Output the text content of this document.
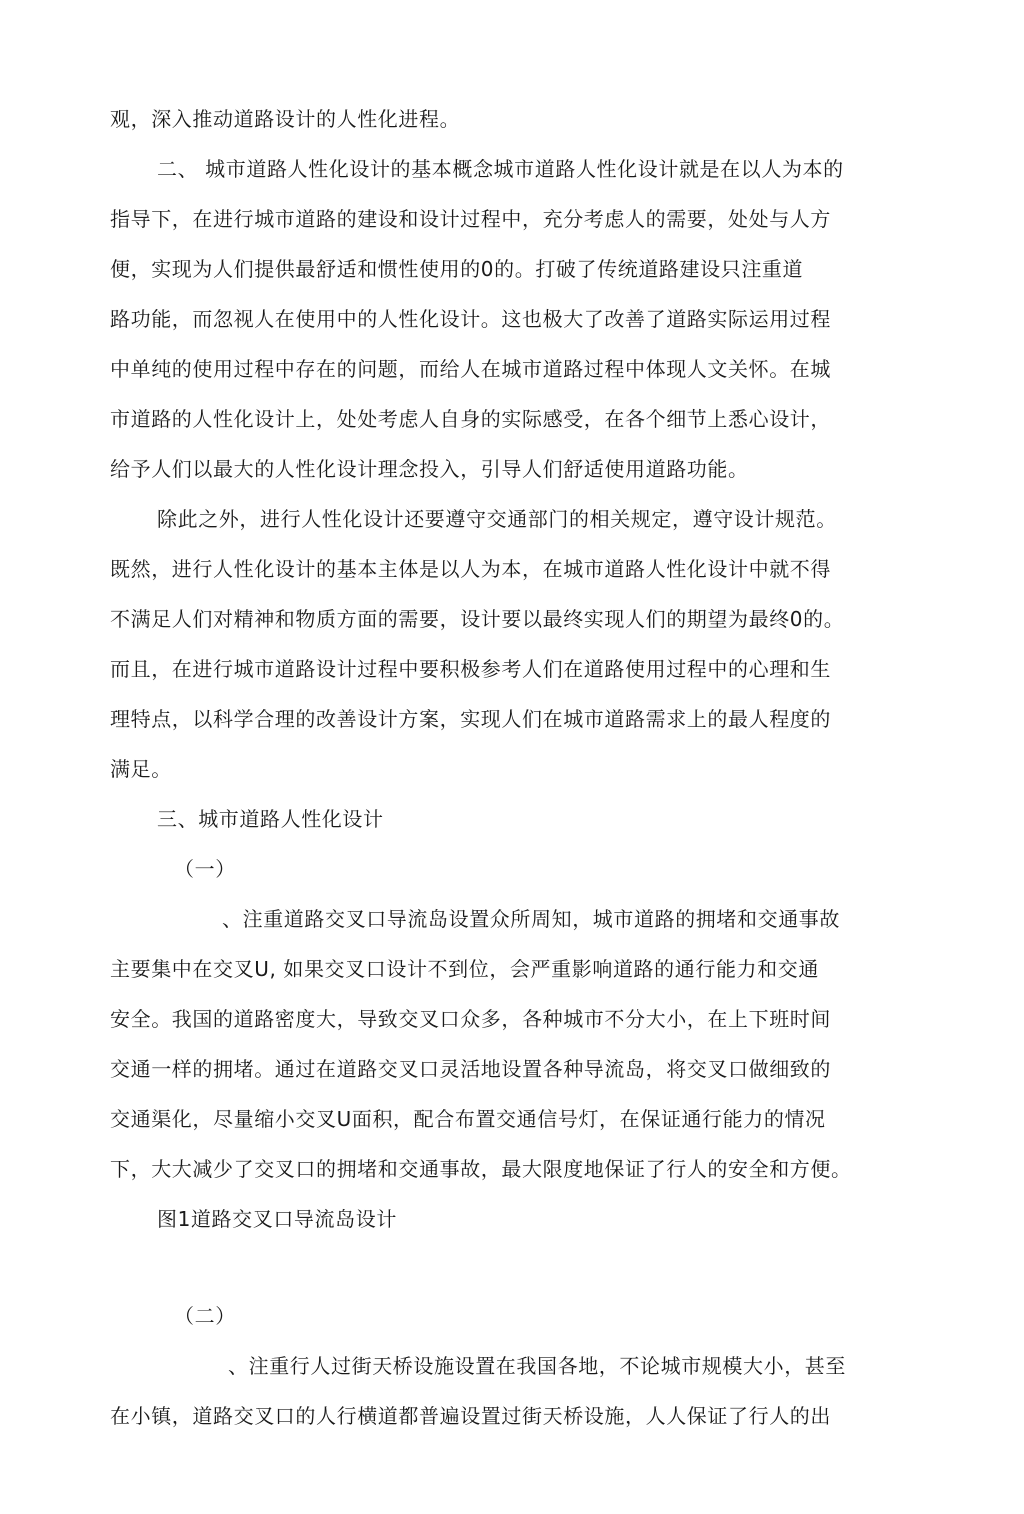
观，深入推动道路设计的人性化进程。
二、 城市道路人性化设计的基本概念城市道路人性化设计就是在以人为本的
指导下，在进行城市道路的建设和设计过程中，充分考虑人的需要，处处与人方
便，实现为人们提供最舒适和惯性使用的0的。打破了传统道路建设只注重道
路功能，而忽视人在使用中的人性化设计。这也极大了改善了道路实际运用过程
中单纯的使用过程中存在的问题，而给人在城市道路过程中体现人文关怀。在城
市道路的人性化设计上，处处考虑人自身的实际感受，在各个细节上悉心设计，
给予人们以最大的人性化设计理念投入，引导人们舒适使用道路功能。
除此之外，进行人性化设计还要遵守交通部门的相关规定，遵守设计规范。
既然，进行人性化设计的基本主体是以人为本，在城市道路人性化设计中就不得
不满足人们对精神和物质方面的需要，设计要以最终实现人们的期望为最终0的。
而且，在进行城市道路设计过程中要积极参考人们在道路使用过程中的心理和生
理特点，以科学合理的改善设计方案，实现人们在城市道路需求上的最人程度的
满足。
三、城市道路人性化设计
（一）
、注重道路交叉口导流岛设置众所周知，城市道路的拥堵和交通事故
主要集中在交叉U, 如果交叉口设计不到位，会严重影响道路的通行能力和交通
安全。我国的道路密度大，导致交叉口众多，各种城市不分大小，在上下班时间
交通一样的拥堵。通过在道路交叉口灵活地设置各种导流岛，将交叉口做细致的
交通渠化，尽量缩小交叉U面积，配合布置交通信号灯，在保证通行能力的情况
下，大大减少了交叉口的拥堵和交通事故，最大限度地保证了行人的安全和方便。
图1道路交叉口导流岛设计
（二）
、注重行人过街天桥设施设置在我国各地，不论城市规模大小，甚至
在小镇，道路交叉口的人行横道都普遍设置过街天桥设施，人人保证了行人的出
